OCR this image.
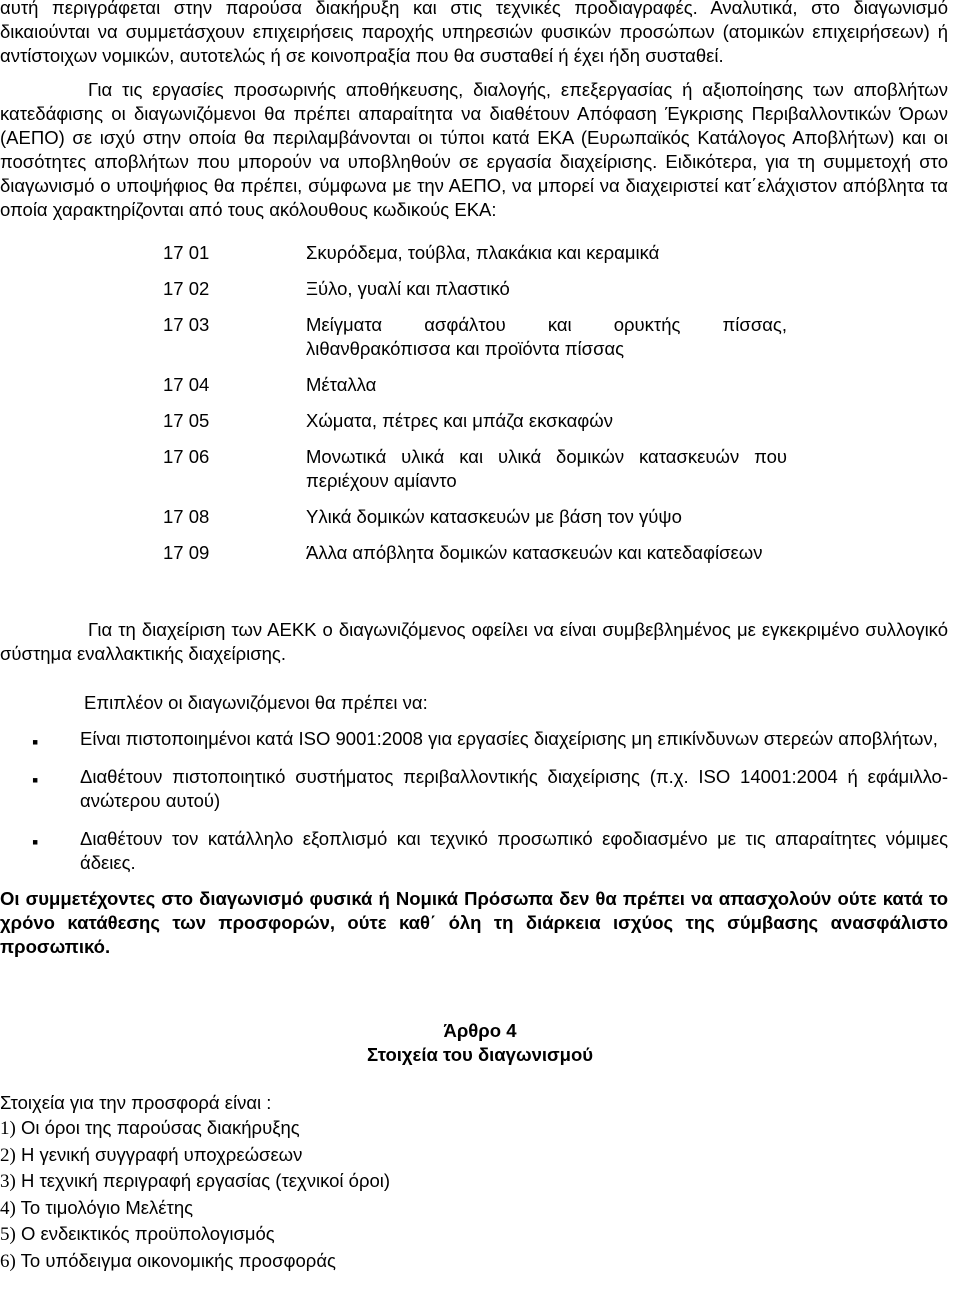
αυτή περιγράφεται στην παρούσα διακήρυξη και στις τεχνικές προδιαγραφές. Αναλυτικά, στο διαγωνισμό δικαιούνται να συμμετάσχουν επιχειρήσεις παροχής υπηρεσιών φυσικών προσώπων (ατομικών επιχειρήσεων) ή αντίστοιχων νομικών, αυτοτελώς ή σε κοινοπραξία που θα συσταθεί ή έχει ήδη συσταθεί.

Για τις εργασίες προσωρινής αποθήκευσης, διαλογής, επεξεργασίας ή αξιοποίησης των αποβλήτων κατεδάφισης οι διαγωνιζόμενοι θα πρέπει απαραίτητα να διαθέτουν Απόφαση Έγκρισης Περιβαλλοντικών Όρων (ΑΕΠΟ) σε ισχύ στην οποία θα περιλαμβάνονται οι τύποι κατά ΕΚΑ (Ευρωπαϊκός Κατάλογος Αποβλήτων) και οι ποσότητες αποβλήτων που μπορούν να υποβληθούν σε εργασία διαχείρισης. Ειδικότερα, για τη συμμετοχή στο διαγωνισμό ο υποψήφιος θα πρέπει, σύμφωνα με την ΑΕΠΟ, να μπορεί να διαχειριστεί κατ΄ελάχιστον απόβλητα τα οποία χαρακτηρίζονται από τους ακόλουθους κωδικούς ΕΚΑ:

17 01	Σκυρόδεμα, τούβλα, πλακάκια και κεραμικά
17 02	Ξύλο, γυαλί και πλαστικό
17 03	Μείγματα ασφάλτου και ορυκτής πίσσας, λιθανθρακόπισσα και προϊόντα πίσσας
17 04	Μέταλλα
17 05	Χώματα, πέτρες και μπάζα εκσκαφών
17 06	Μονωτικά υλικά και υλικά δομικών κατασκευών που περιέχουν αμίαντο
17 08	Υλικά δομικών κατασκευών με βάση τον γύψο
17 09	Άλλα απόβλητα δομικών κατασκευών και κατεδαφίσεων

Για τη διαχείριση των ΑΕΚΚ ο διαγωνιζόμενος οφείλει να είναι συμβεβλημένος με εγκεκριμένο συλλογικό σύστημα εναλλακτικής διαχείρισης.

Επιπλέον οι διαγωνιζόμενοι θα πρέπει να:

▪ Είναι πιστοποιημένοι κατά ISO 9001:2008 για εργασίες διαχείρισης μη επικίνδυνων στερεών αποβλήτων,
▪ Διαθέτουν πιστοποιητικό συστήματος περιβαλλοντικής διαχείρισης (π.χ. ISO 14001:2004 ή εφάμιλλο-ανώτερου αυτού)
▪ Διαθέτουν τον κατάλληλο εξοπλισμό και τεχνικό προσωπικό εφοδιασμένο με τις απαραίτητες νόμιμες άδειες.

Οι συμμετέχοντες στο διαγωνισμό φυσικά ή Νομικά Πρόσωπα δεν θα πρέπει να απασχολούν ούτε κατά το χρόνο κατάθεσης των προσφορών, ούτε καθ΄ όλη τη διάρκεια ισχύος της σύμβασης ανασφάλιστο προσωπικό.

Άρθρο 4
Στοιχεία του διαγωνισμού

Στοιχεία για την προσφορά είναι :

1) Οι όροι της παρούσας διακήρυξης
2) Η γενική συγγραφή υποχρεώσεων
3) Η τεχνική περιγραφή εργασίας (τεχνικοί όροι)
4) Το τιμολόγιο Μελέτης
5) Ο ενδεικτικός προϋπολογισμός
6) Το υπόδειγμα οικονομικής προσφοράς
